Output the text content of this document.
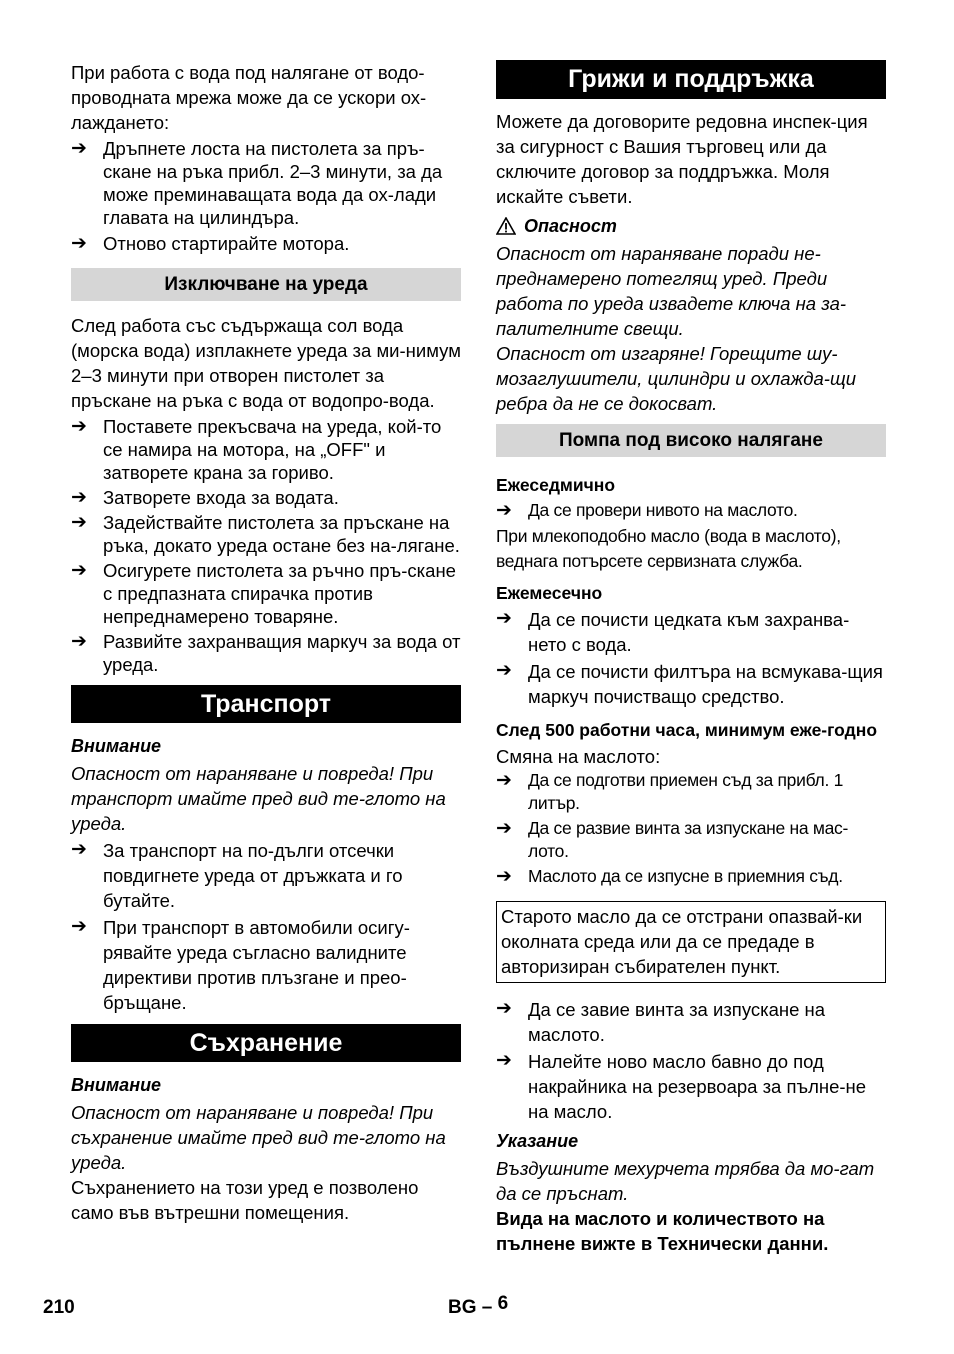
При работа с вода под налягане от водо-проводната мрежа може да се ускори ох-лаждането:

➔ Дръпнете лоста на пистолета за пръ-скане на ръка прибл. 2–3 минути, за да може преминаващата вода да ох-лади главата на цилиндъра.
➔ Отново стартирайте мотора.
Изключване на уреда

След работа със съдържаща сол вода (морска вода) изплакнете уреда за ми-нимум 2–3 минути при отворен пистолет за пръскане на ръка с вода от водопро-вода.

➔ Поставете прекъсвача на уреда, кой-то се намира на мотора, на „OFF" и затворете крана за гориво.
➔ Затворете входа за водата.
➔ Задействайте пистолета за пръскане на ръка, докато уреда остане без на-лягане.
➔ Осигурете пистолета за ръчно пръ-скане с предпазната спирачка против непреднамерено товаряне.
➔ Развийте захранващия маркуч за вода от уреда.
Транспорт

Внимание

Опасност от нараняване и повреда! При транспорт имайте пред вид те-глото на уреда.

➔ За транспорт на по-дълги отсечки повдигнете уреда от дръжката и го бутайте.
➔ При транспорт в автомобили осигу-рявайте уреда съгласно валидните директиви против плъзгане и прео-бръщане.
Съхранение

Внимание

Опасност от нараняване и повреда! При съхранение имайте пред вид те-глото на уреда.

Съхранението на този уред е позволено само във вътрешни помещения.

Грижи и поддръжка

Можете да договорите редовна инспек-ция за сигурност с Вашия търговец или да сключите договор за поддръжка. Моля искайте съвети.

Опасност

Опасност от нараняване поради не-преднамерено потеглящ уред. Преди работа по уреда извадете ключа на за-палителните свещи.
Опасност от изгаряне! Горещите шу-мозаглушители, цилиндри и охлажда-щи ребра да не се докосват.

Помпа под високо налягане

Ежеседмично

➔ Да се провери нивото на маслото.

При млекоподобно масло (вода в маслото), веднага потърсете сервизната служба.

Ежемесечно

➔ Да се почисти цедката към захранва-нето с вода.
➔ Да се почисти филтъра на всмукава-щия маркуч почистващо средство.

След 500 работни часа, минимум еже-годно

Смяна на маслото:

➔ Да се подготви приемен съд за прибл. 1 литър.
➔ Да се развие винта за изпускане на мас-лото.
➔ Маслото да се изпусне в приемния съд.
Старото масло да се отстрани опазвай-ки околната среда или да се предаде в авторизиран събирателен пункт.
➔ Да се завие винта за изпускане на маслото.
➔ Налейте ново масло бавно до под накрайника на резервоара за пълне-не на масло.

Указание

Въздушните мехурчета трябва да мо-гат да се пръснат.

Вида на маслото и количеството на пълнене вижте в Технически данни.

210	BG – 6
